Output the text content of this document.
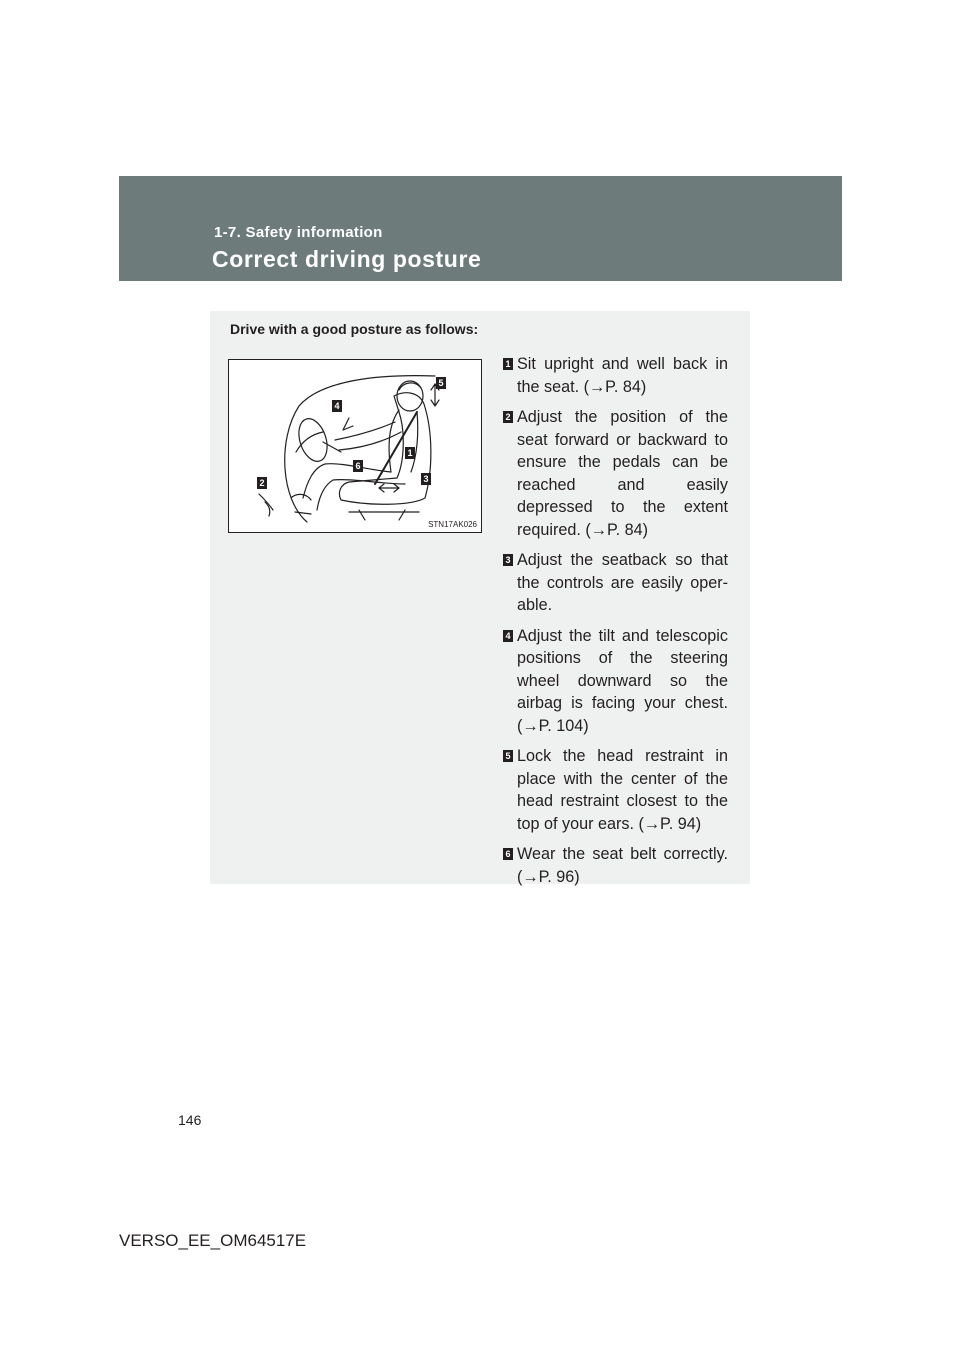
1-7. Safety information
Correct driving posture
Drive with a good posture as follows:
1
2	3
4
5
6
STN17AK026
1 Sit upright and well back in the seat. (→P. 84)
2 Adjust the position of the seat forward or backward to ensure the pedals can be reached and easily depressed to the extent required. (→P. 84)
3 Adjust the seatback so that the controls are easily oper-able.
4 Adjust the tilt and telescopic positions of the steering wheel downward so the airbag is facing your chest. (→P. 104)
5 Lock the head restraint in place with the center of the head restraint closest to the top of your ears. (→P. 94)
6 Wear the seat belt correctly. (→P. 96)
146
VERSO_EE_OM64517E
